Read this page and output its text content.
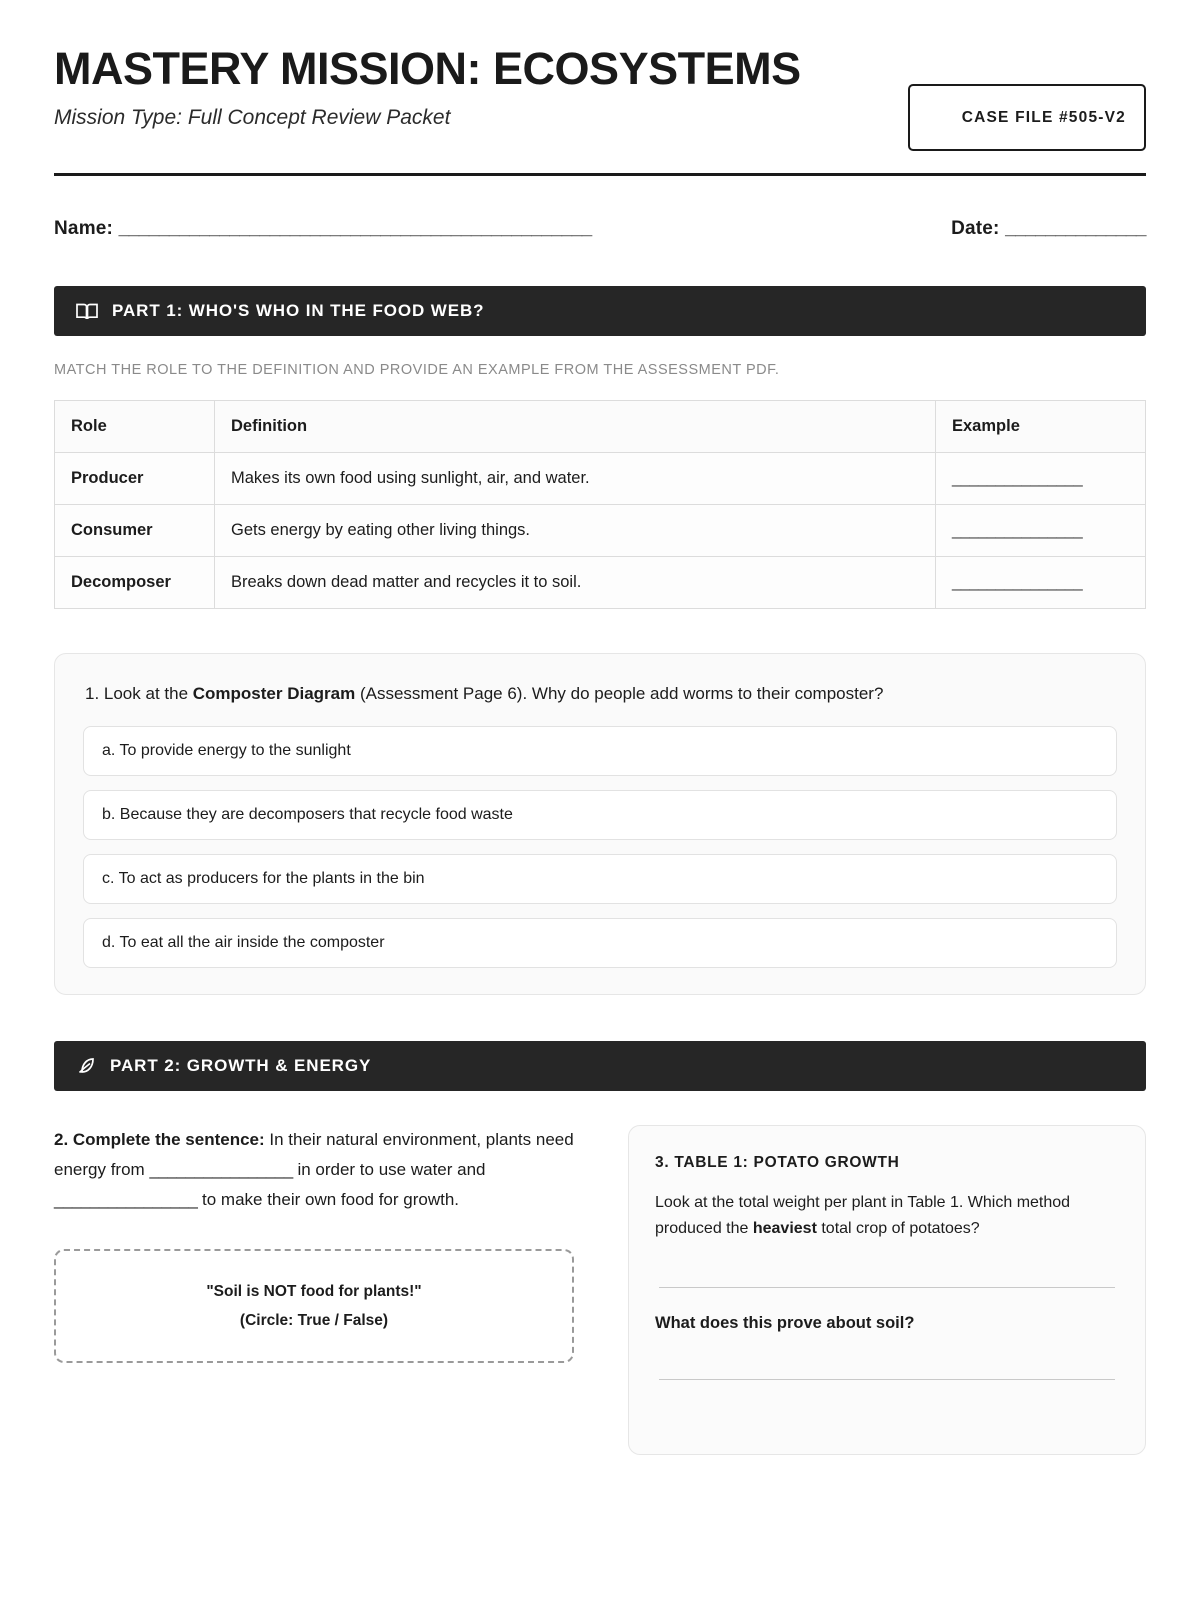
MASTERY MISSION: ECOSYSTEMS
Mission Type: Full Concept Review Packet	CASE FILE #505-V2
Name: _______________________________________________	Date: ______________
PART 1: WHO'S WHO IN THE FOOD WEB?
MATCH THE ROLE TO THE DEFINITION AND PROVIDE AN EXAMPLE FROM THE ASSESSMENT PDF.
Role	Definition	Example
Producer	Makes its own food using sunlight, air, and water.	_______________
Consumer	Gets energy by eating other living things.	_______________
Decomposer	Breaks down dead matter and recycles it to soil.	_______________
1. Look at the Composter Diagram (Assessment Page 6). Why do people add worms to their composter?
a. To provide energy to the sunlight
b. Because they are decomposers that recycle food waste
c. To act as producers for the plants in the bin
d. To eat all the air inside the composter
PART 2: GROWTH & ENERGY
2. Complete the sentence: In their natural environment, plants need energy from ________________ in order to use water and ________________ to make their own food for growth.
"Soil is NOT food for plants!"
(Circle: True / False)
3. TABLE 1: POTATO GROWTH
Look at the total weight per plant in Table 1. Which method produced the heaviest total crop of potatoes?
What does this prove about soil?
